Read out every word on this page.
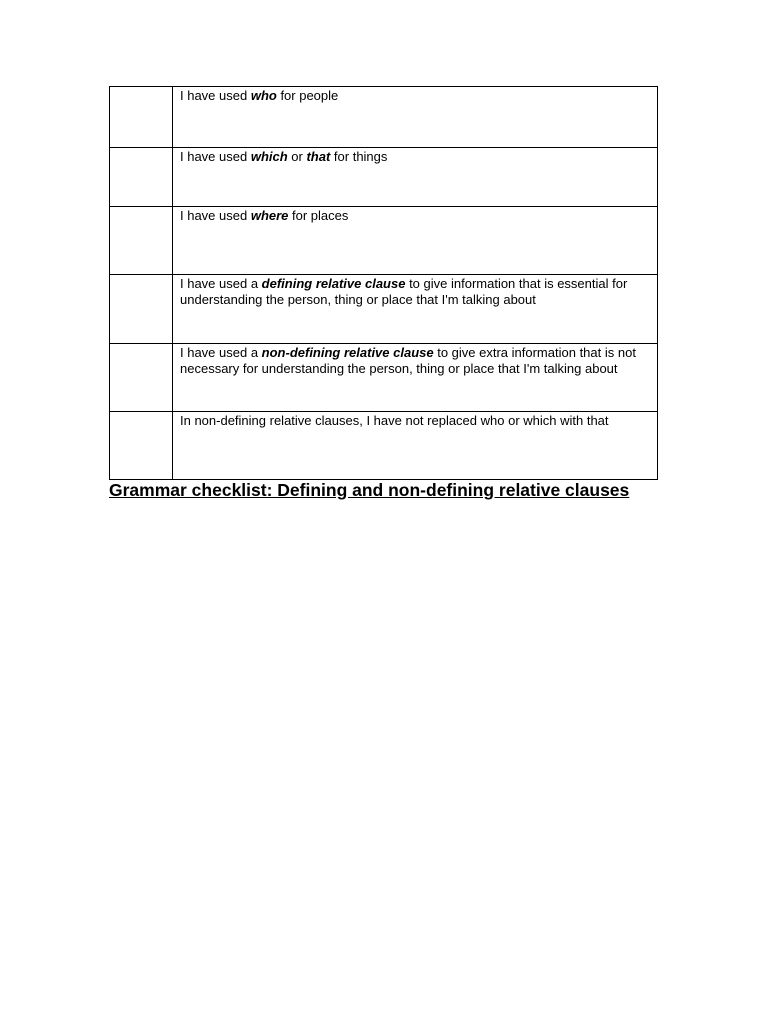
	I have used who for people
	I have used which or that for things
	I have used where for places
	I have used a defining relative clause to give information that is essential for understanding the person, thing or place that I'm talking about
	I have used a non-defining relative clause to give extra information that is not necessary for understanding the person, thing or place that I'm talking about
	In non-defining relative clauses, I have not replaced who or which with that
Grammar checklist: Defining and non-defining relative clauses
